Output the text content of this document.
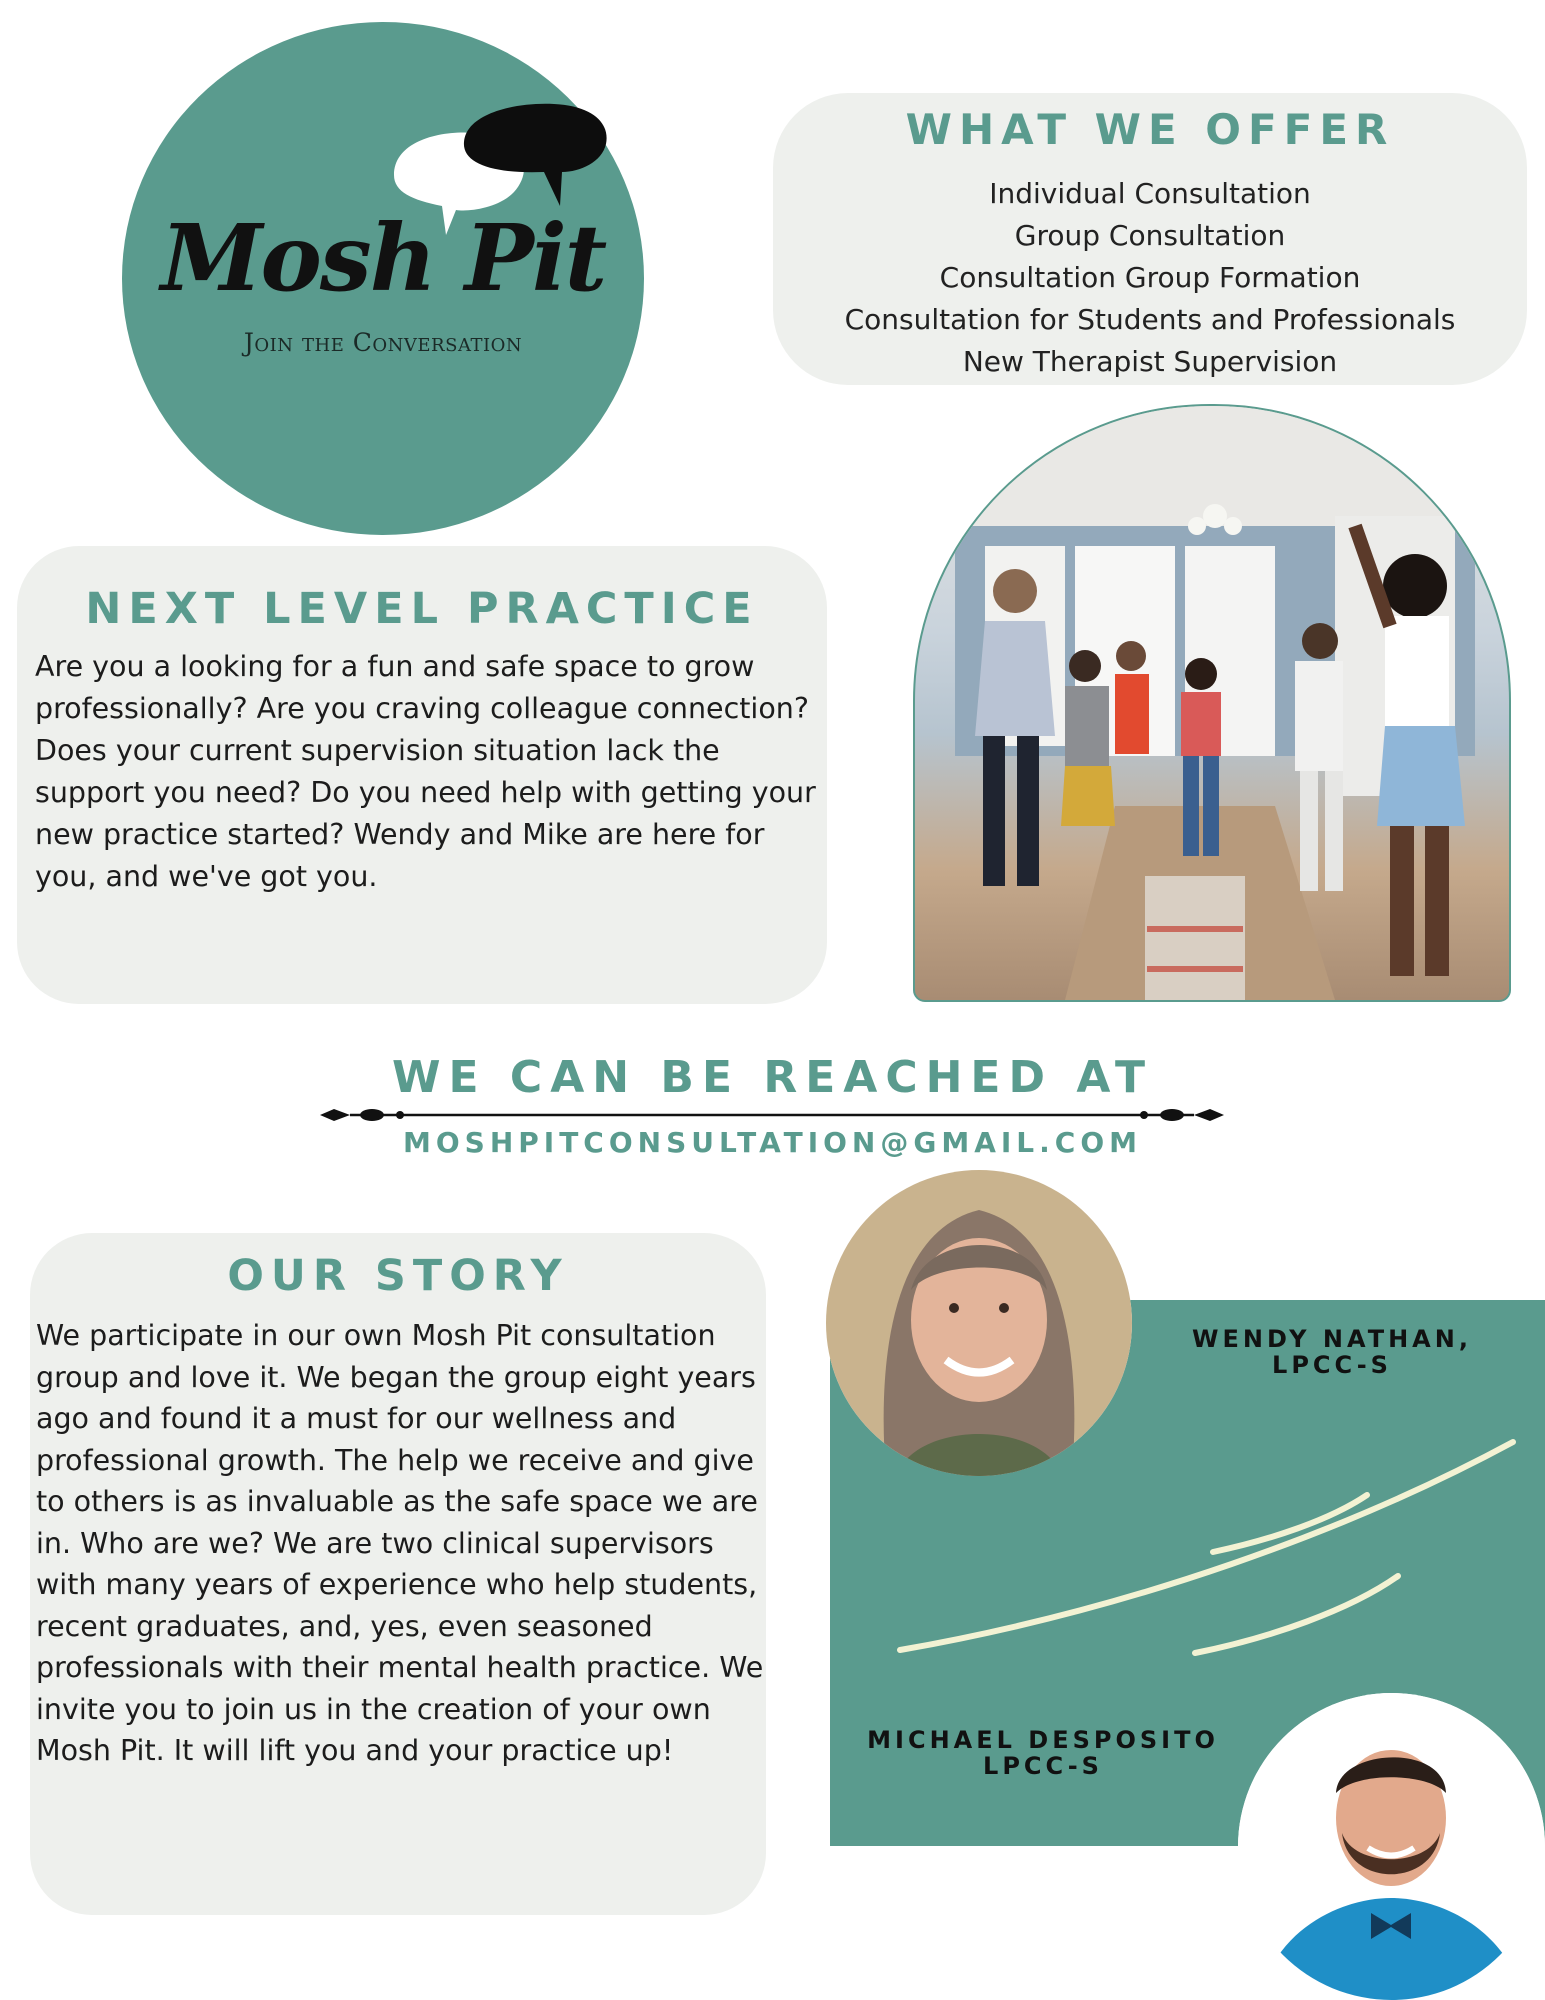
Mosh Pit
Join the Conversation
WHAT WE OFFER
Individual Consultation
Group Consultation
Consultation Group Formation
Consultation for Students and Professionals
New Therapist Supervision
NEXT LEVEL PRACTICE

Are you a looking for a fun and safe space to grow professionally? Are you craving colleague connection? Does your current supervision situation lack the support you need? Do you need help with getting your new practice started? Wendy and Mike are here for you, and we've got you.

WE CAN BE REACHED AT
MOSHPITCONSULTATION@GMAIL.COM
OUR STORY

We participate in our own Mosh Pit consultation group and love it. We began the group eight years ago and found it a must for our wellness and professional growth. The help we receive and give to others is as invaluable as the safe space we are in. Who are we? We are two clinical supervisors with many years of experience who help students, recent graduates, and, yes, even seasoned professionals with their mental health practice. We invite you to join us in the creation of your own Mosh Pit. It will lift you and your practice up!

WENDY NATHAN,
LPCC-S
MICHAEL DESPOSITO
LPCC-S
